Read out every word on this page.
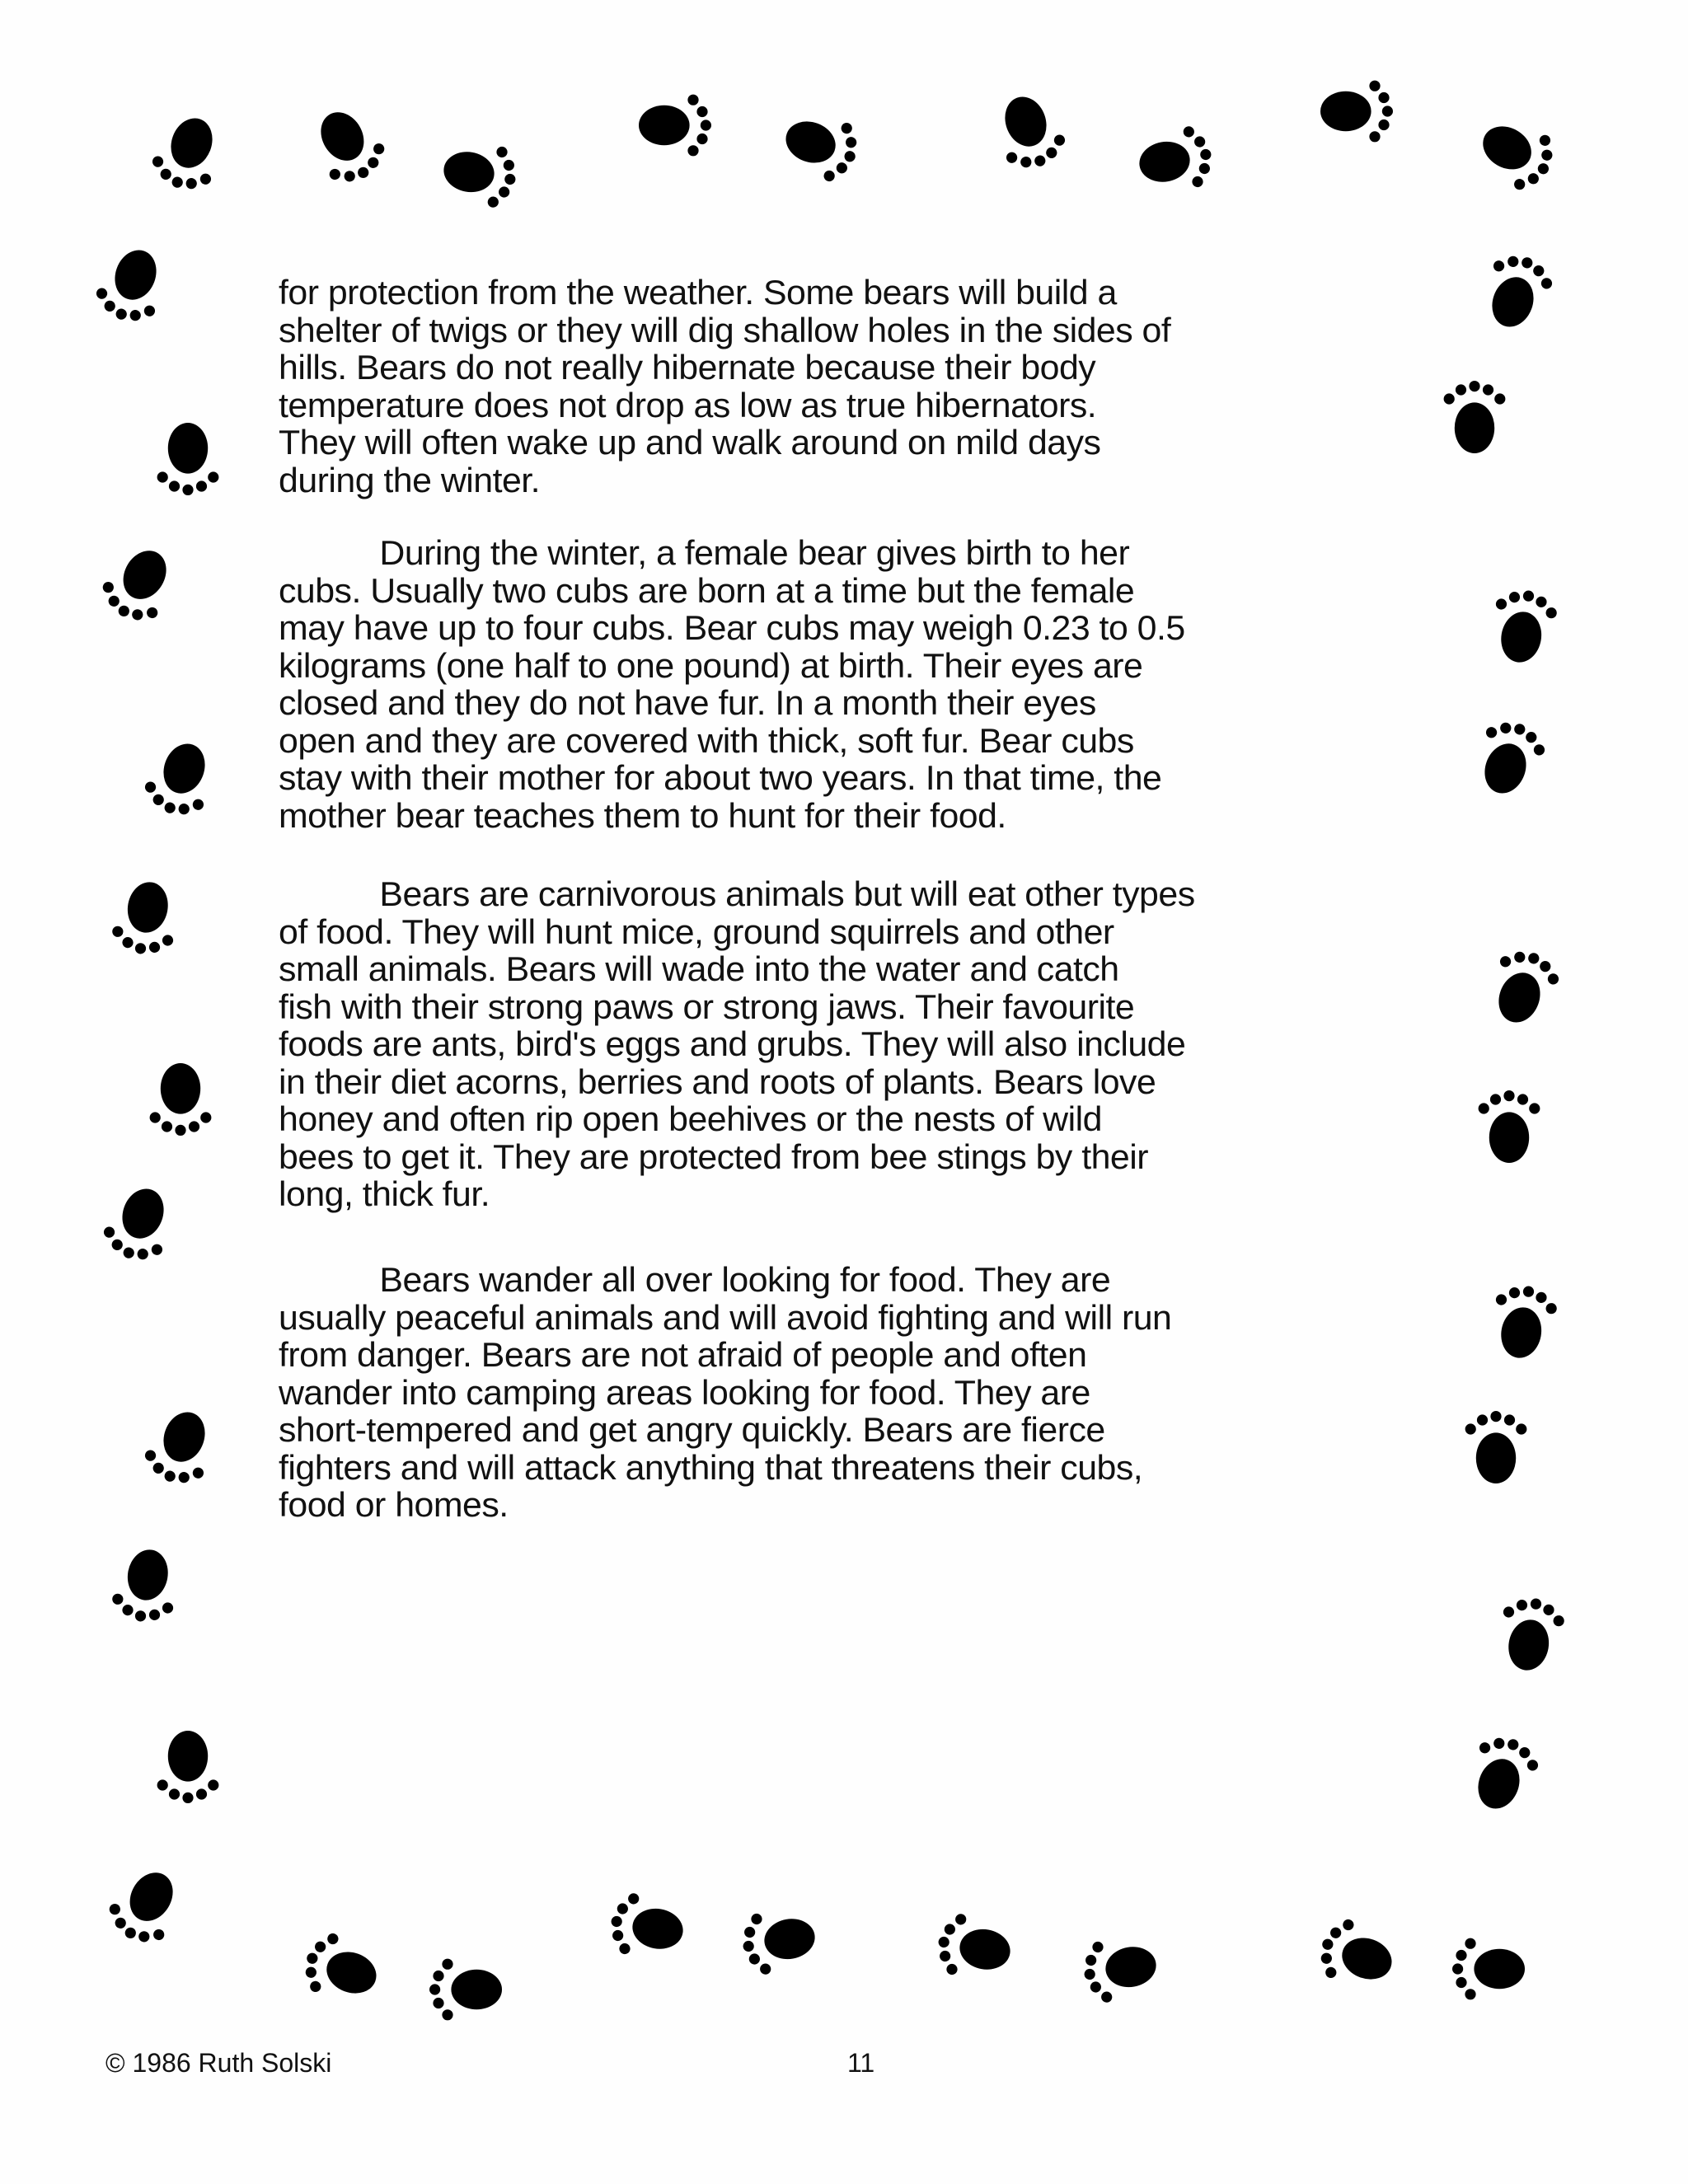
for protection from the weather. Some bears will build a
shelter of twigs or they will dig shallow holes in the sides of
hills. Bears do not really hibernate because their body
temperature does not drop as low as true hibernators.
They will often wake up and walk around on mild days
during the winter.
During the winter, a female bear gives birth to her
cubs. Usually two cubs are born at a time but the female
may have up to four cubs. Bear cubs may weigh 0.23 to 0.5
kilograms (one half to one pound) at birth. Their eyes are
closed and they do not have fur. In a month their eyes
open and they are covered with thick, soft fur. Bear cubs
stay with their mother for about two years. In that time, the
mother bear teaches them to hunt for their food.
Bears are carnivorous animals but will eat other types
of food. They will hunt mice, ground squirrels and other
small animals. Bears will wade into the water and catch
fish with their strong paws or strong jaws. Their favourite
foods are ants, bird's eggs and grubs. They will also include
in their diet acorns, berries and roots of plants. Bears love
honey and often rip open beehives or the nests of wild
bees to get it. They are protected from bee stings by their
long, thick fur.
Bears wander all over looking for food. They are
usually peaceful animals and will avoid fighting and will run
from danger. Bears are not afraid of people and often
wander into camping areas looking for food. They are
short-tempered and get angry quickly. Bears are fierce
fighters and will attack anything that threatens their cubs,
food or homes.
© 1986 Ruth Solski	11
